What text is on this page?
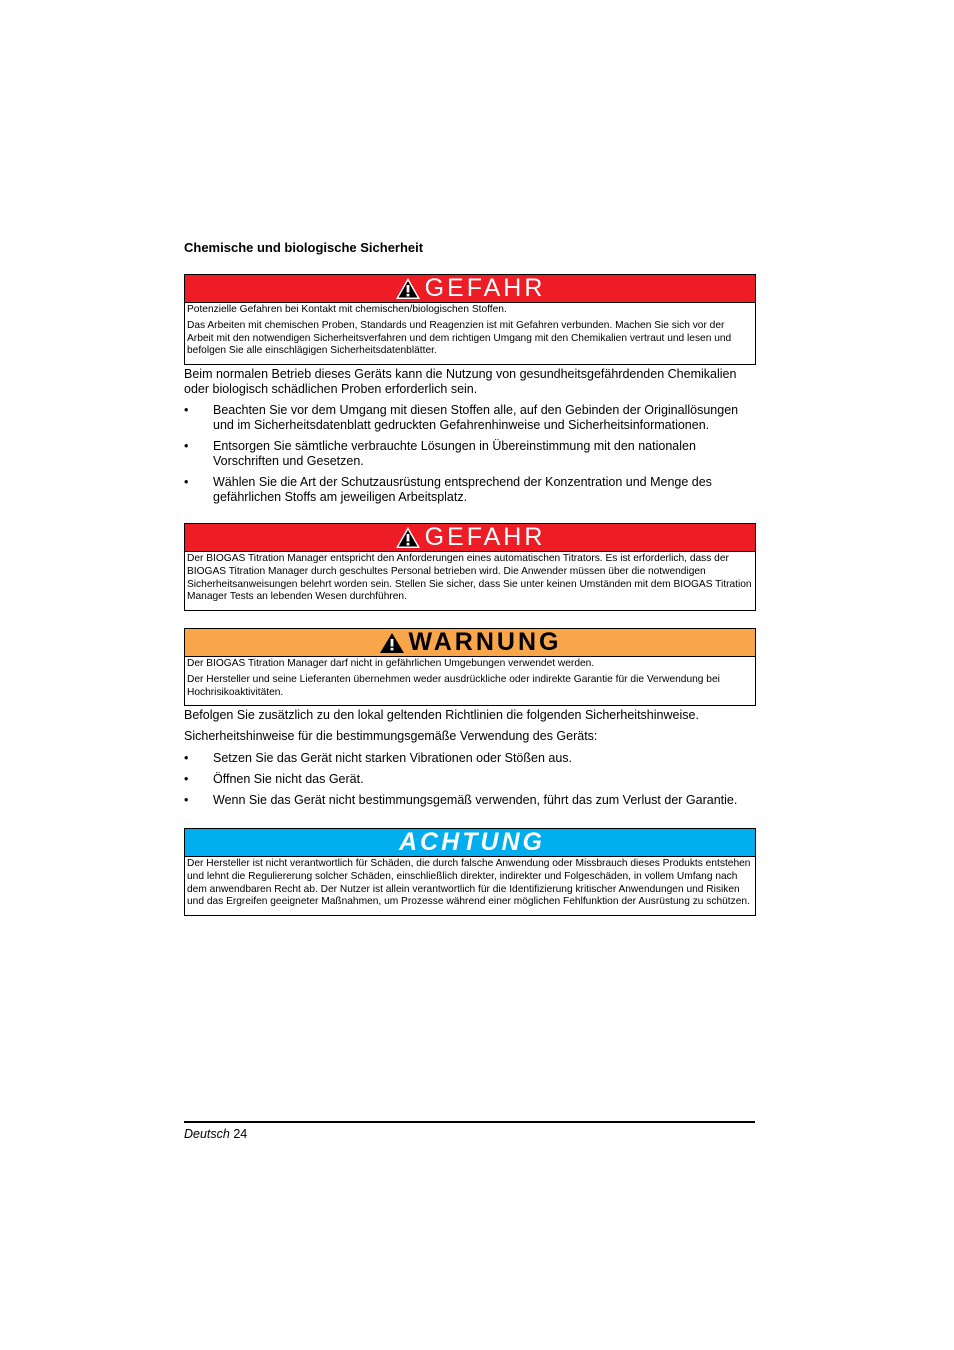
Chemische und biologische Sicherheit
GEFAHR

Potenzielle Gefahren bei Kontakt mit chemischen/biologischen Stoffen.

Das Arbeiten mit chemischen Proben, Standards und Reagenzien ist mit Gefahren verbunden. Machen Sie sich vor der Arbeit mit den notwendigen Sicherheitsverfahren und dem richtigen Umgang mit den Chemikalien vertraut und lesen und befolgen Sie alle einschlägigen Sicherheitsdatenblätter.

Beim normalen Betrieb dieses Geräts kann die Nutzung von gesundheitsgefährdenden Chemikalien oder biologisch schädlichen Proben erforderlich sein.

• Beachten Sie vor dem Umgang mit diesen Stoffen alle, auf den Gebinden der Originallösungen und im Sicherheitsdatenblatt gedruckten Gefahrenhinweise und Sicherheitsinformationen.
• Entsorgen Sie sämtliche verbrauchte Lösungen in Übereinstimmung mit den nationalen Vorschriften und Gesetzen.
• Wählen Sie die Art der Schutzausrüstung entsprechend der Konzentration und Menge des gefährlichen Stoffs am jeweiligen Arbeitsplatz.
GEFAHR

Der BIOGAS Titration Manager entspricht den Anforderungen eines automatischen Titrators. Es ist erforderlich, dass der BIOGAS Titration Manager durch geschultes Personal betrieben wird. Die Anwender müssen über die notwendigen Sicherheitsanweisungen belehrt worden sein. Stellen Sie sicher, dass Sie unter keinen Umständen mit dem BIOGAS Titration Manager Tests an lebenden Wesen durchführen.

WARNUNG

Der BIOGAS Titration Manager darf nicht in gefährlichen Umgebungen verwendet werden.

Der Hersteller und seine Lieferanten übernehmen weder ausdrückliche oder indirekte Garantie für die Verwendung bei Hochrisikoaktivitäten.

Befolgen Sie zusätzlich zu den lokal geltenden Richtlinien die folgenden Sicherheitshinweise.

Sicherheitshinweise für die bestimmungsgemäße Verwendung des Geräts:

• Setzen Sie das Gerät nicht starken Vibrationen oder Stößen aus.
• Öffnen Sie nicht das Gerät.
• Wenn Sie das Gerät nicht bestimmungsgemäß verwenden, führt das zum Verlust der Garantie.
ACHTUNG

Der Hersteller ist nicht verantwortlich für Schäden, die durch falsche Anwendung oder Missbrauch dieses Produkts entstehen und lehnt die Reguliererung solcher Schäden, einschließlich direkter, indirekter und Folgeschäden, in vollem Umfang nach dem anwendbaren Recht ab. Der Nutzer ist allein verantwortlich für die Identifizierung kritischer Anwendungen und Risiken und das Ergreifen geeigneter Maßnahmen, um Prozesse während einer möglichen Fehlfunktion der Ausrüstung zu schützen.

Deutsch 24
